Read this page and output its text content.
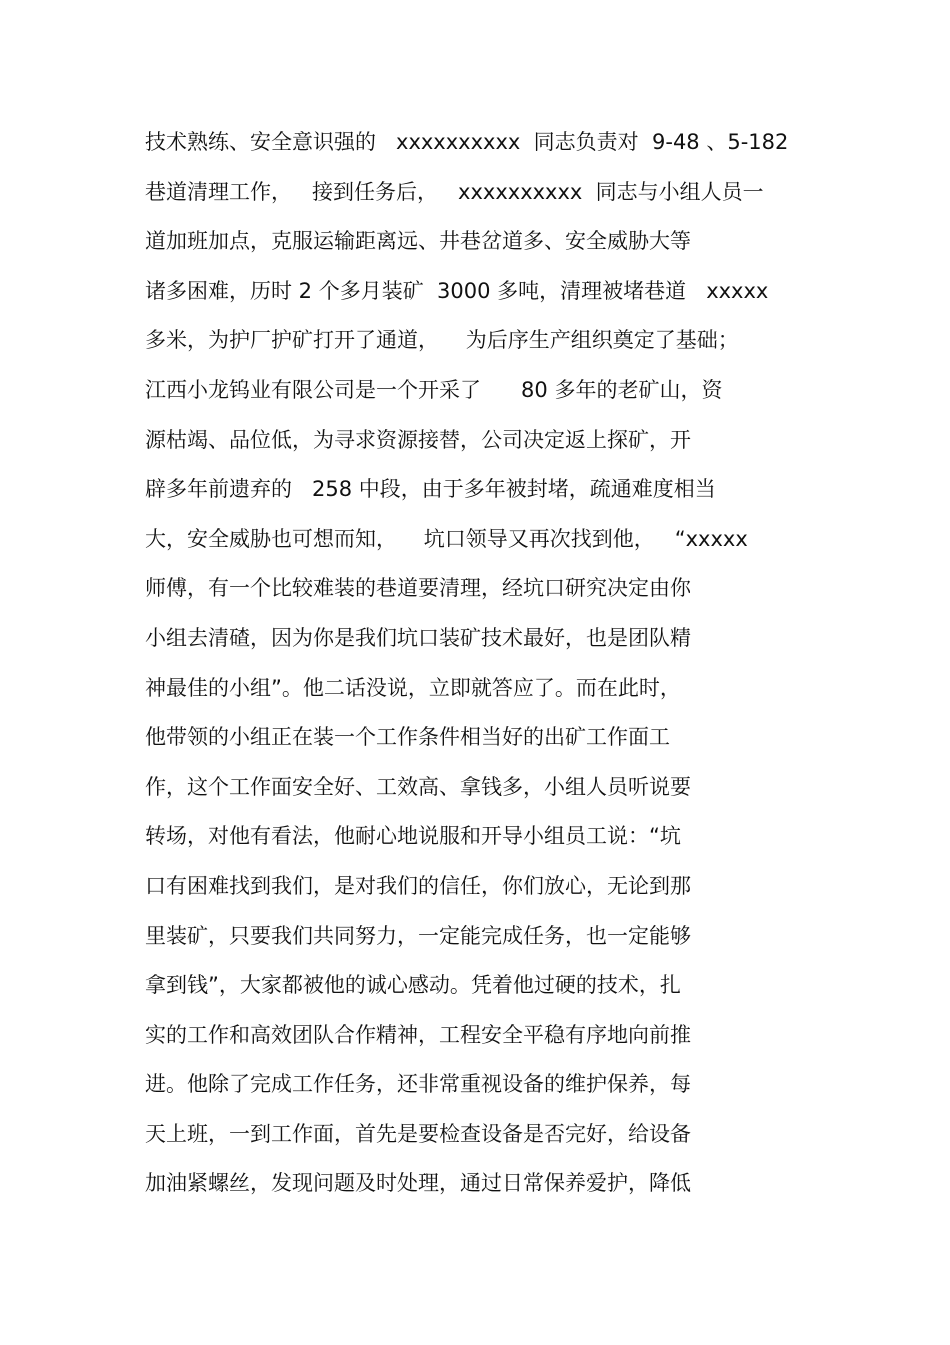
技术熟练、安全意识强的   xxxxxxxxxx  同志负责对  9-48 、5-182
巷道清理工作，   接到任务后，   xxxxxxxxxx  同志与小组人员一
道加班加点，克服运输距离远、井巷岔道多、安全威胁大等
诸多困难，历时 2 个多月装矿  3000 多吨，清理被堵巷道   xxxxx
多米，为护厂护矿打开了通道，    为后序生产组织奠定了基础；
江西小龙钨业有限公司是一个开采了      80 多年的老矿山，资
源枯竭、品位低，为寻求资源接替，公司决定返上探矿，开
辟多年前遗弃的   258 中段，由于多年被封堵，疏通难度相当
大，安全威胁也可想而知，    坑口领导又再次找到他，   “xxxxx
师傅，有一个比较难装的巷道要清理，经坑口研究决定由你
小组去清碴，因为你是我们坑口装矿技术最好，也是团队精
神最佳的小组”。他二话没说，立即就答应了。而在此时，
他带领的小组正在装一个工作条件相当好的出矿工作面工
作，这个工作面安全好、工效高、拿钱多，小组人员听说要
转场，对他有看法，他耐心地说服和开导小组员工说：“坑
口有困难找到我们，是对我们的信任，你们放心，无论到那
里装矿，只要我们共同努力，一定能完成任务，也一定能够
拿到钱”，大家都被他的诚心感动。凭着他过硬的技术，扎
实的工作和高效团队合作精神，工程安全平稳有序地向前推
进。他除了完成工作任务，还非常重视设备的维护保养，每
天上班，一到工作面，首先是要检查设备是否完好，给设备
加油紧螺丝，发现问题及时处理，通过日常保养爱护，降低
